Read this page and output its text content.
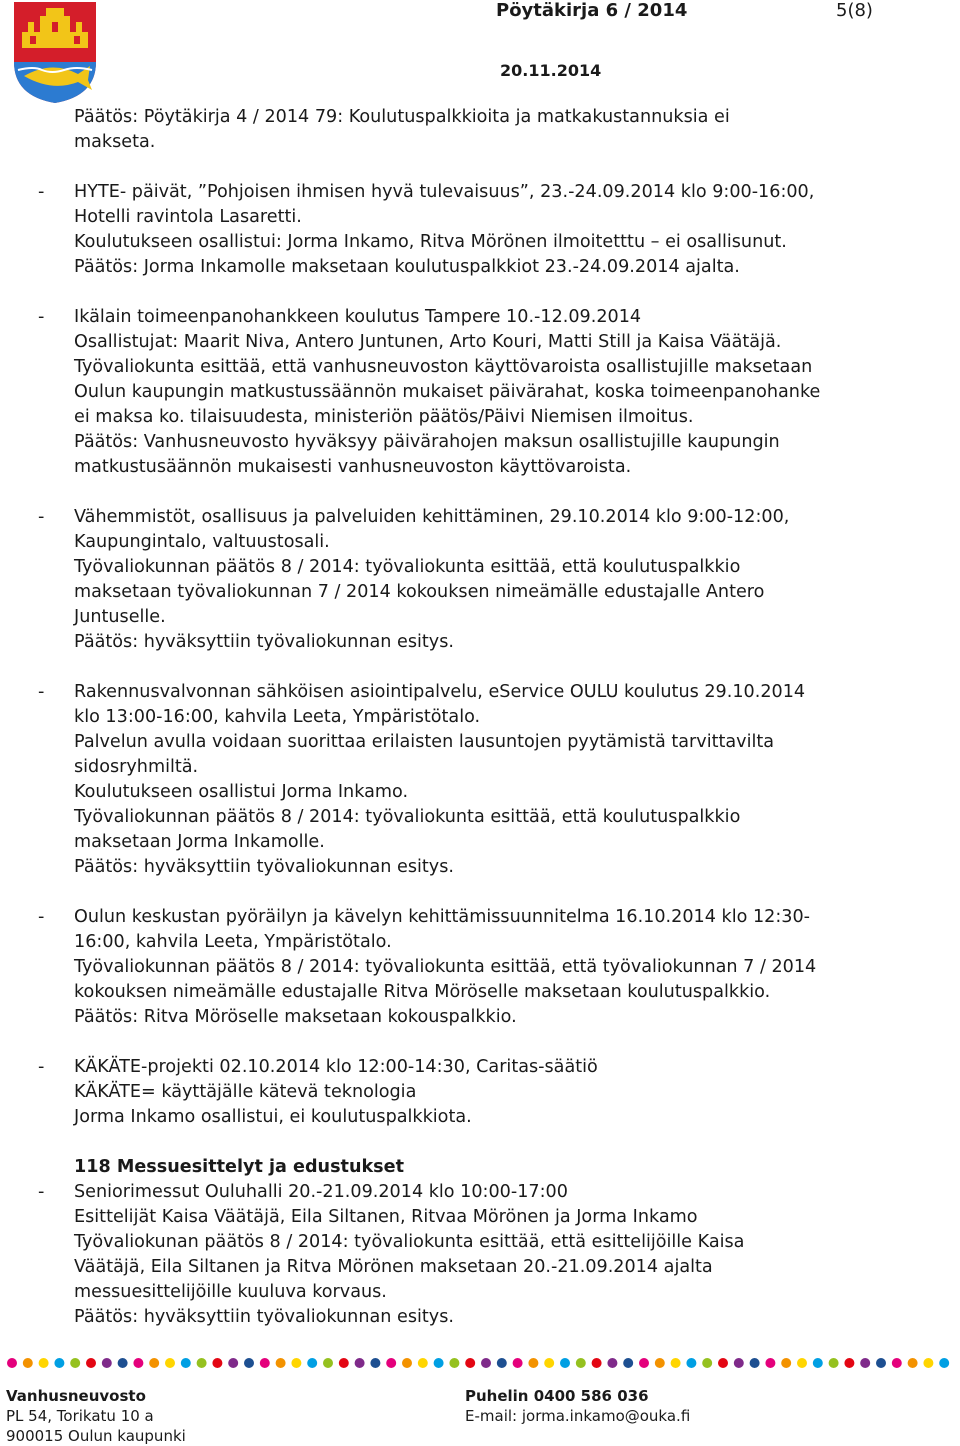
Pöytäkirja 6 / 2014	5(8)
20.11.2014
Päätös: Pöytäkirja 4 / 2014 79: Koulutuspalkkioita ja matkakustannuksia ei
makseta.
- HYTE- päivät, ”Pohjoisen ihmisen hyvä tulevaisuus”, 23.-24.09.2014 klo 9:00-16:00,
Hotelli ravintola Lasaretti.
Koulutukseen osallistui: Jorma Inkamo, Ritva Mörönen ilmoitetttu – ei osallisunut.
Päätös: Jorma Inkamolle maksetaan koulutuspalkkiot 23.-24.09.2014 ajalta.
- Ikälain toimeenpanohankkeen koulutus Tampere 10.-12.09.2014
Osallistujat: Maarit Niva, Antero Juntunen, Arto Kouri, Matti Still ja Kaisa Väätäjä.
Työvaliokunta esittää, että vanhusneuvoston käyttövaroista osallistujille maksetaan
Oulun kaupungin matkustussäännön mukaiset päivärahat, koska toimeenpanohanke
ei maksa ko. tilaisuudesta, ministeriön päätös/Päivi Niemisen ilmoitus.
Päätös: Vanhusneuvosto hyväksyy päivärahojen maksun osallistujille kaupungin
matkustusäännön mukaisesti vanhusneuvoston käyttövaroista.
- Vähemmistöt, osallisuus ja palveluiden kehittäminen, 29.10.2014 klo 9:00-12:00,
Kaupungintalo, valtuustosali.
Työvaliokunnan päätös 8 / 2014: työvaliokunta esittää, että koulutuspalkkio
maksetaan työvaliokunnan 7 / 2014 kokouksen nimeämälle edustajalle Antero
Juntuselle.
Päätös: hyväksyttiin työvaliokunnan esitys.
- Rakennusvalvonnan sähköisen asiointipalvelu, eService OULU koulutus 29.10.2014
klo 13:00-16:00, kahvila Leeta, Ympäristötalo.
Palvelun avulla voidaan suorittaa erilaisten lausuntojen pyytämistä tarvittavilta
sidosryhmiltä.
Koulutukseen osallistui Jorma Inkamo.
Työvaliokunnan päätös 8 / 2014: työvaliokunta esittää, että koulutuspalkkio
maksetaan Jorma Inkamolle.
Päätös: hyväksyttiin työvaliokunnan esitys.
- Oulun keskustan pyöräilyn ja kävelyn kehittämissuunnitelma 16.10.2014 klo 12:30-
16:00, kahvila Leeta, Ympäristötalo.
Työvaliokunnan päätös 8 / 2014: työvaliokunta esittää, että työvaliokunnan 7 / 2014
kokouksen nimeämälle edustajalle Ritva Möröselle maksetaan koulutuspalkkio.
Päätös: Ritva Möröselle maksetaan kokouspalkkio.
- KÄKÄTE-projekti 02.10.2014 klo 12:00-14:30, Caritas-säätiö
KÄKÄTE= käyttäjälle kätevä teknologia
Jorma Inkamo osallistui, ei koulutuspalkkiota.
118 Messuesittelyt ja edustukset
- Seniorimessut Ouluhalli 20.-21.09.2014 klo 10:00-17:00
Esittelijät Kaisa Väätäjä, Eila Siltanen, Ritvaa Mörönen ja Jorma Inkamo
Työvaliokunan päätös 8 / 2014: työvaliokunta esittää, että esittelijöille Kaisa
Väätäjä, Eila Siltanen ja Ritva Mörönen maksetaan 20.-21.09.2014 ajalta
messuesittelijöille kuuluva korvaus.
Päätös: hyväksyttiin työvaliokunnan esitys.
Vanhusneuvosto
PL 54, Torikatu 10 a
900015 Oulun kaupunki
Puhelin 0400 586 036
E-mail: jorma.inkamo@ouka.fi
